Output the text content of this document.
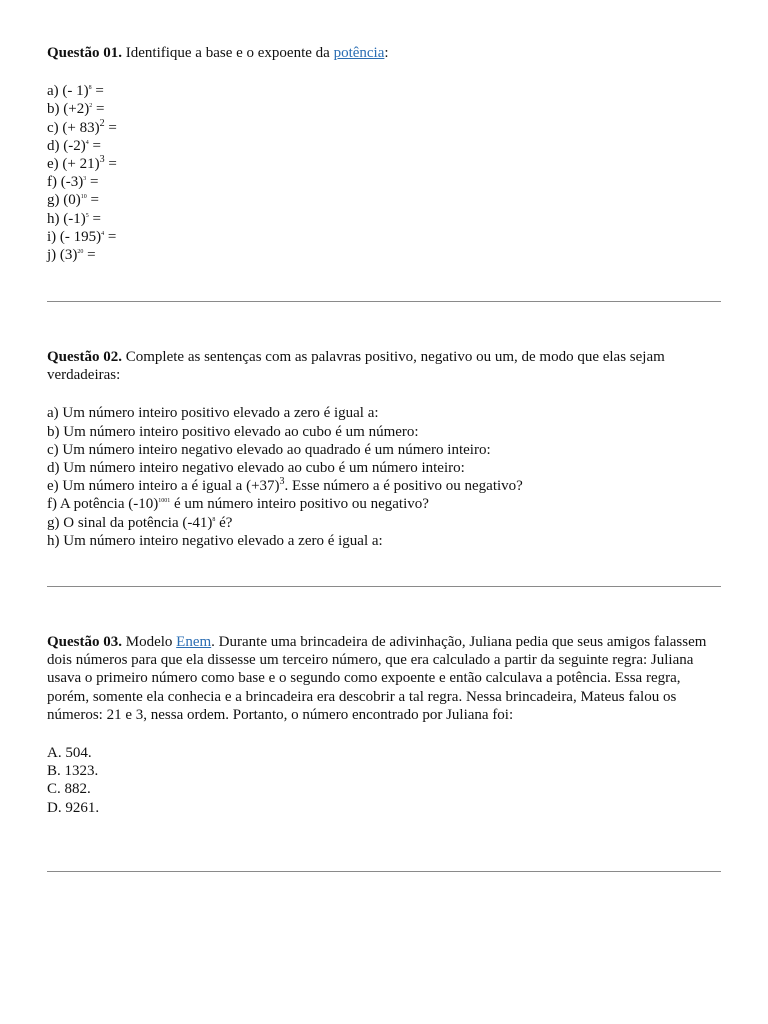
Questão 01. Identifique a base e o expoente da potência:

a) (- 1)$^8$ =
b) $(+2)^2$ =
c) (+ 83)$^2$ =
d) $(-2)^4$ =
e) (+ 21)$^3$ =
f) $(-3)^3$ =
g) $(0)^{10}$ =
h) $(-1)^5$ =
i) (- 195)$^4$ =
j) $(3)^{20}$ =

Questão 02. Complete as sentenças com as palavras positivo, negativo ou um, de modo que elas sejam verdadeiras:

a) Um número inteiro positivo elevado a zero é igual a:
b) Um número inteiro positivo elevado ao cubo é um número:
c) Um número inteiro negativo elevado ao quadrado é um número inteiro:
d) Um número inteiro negativo elevado ao cubo é um número inteiro:
e) Um número inteiro a é igual a $(+37)^3$. Esse número a é positivo ou negativo?
f) A potência $(-10)^{1001}$ é um número inteiro positivo ou negativo?
g) O sinal da potência $(-41)^8$ é?
h) Um número inteiro negativo elevado a zero é igual a:

Questão 03. Modelo Enem. Durante uma brincadeira de adivinhação, Juliana pedia que seus amigos falassem dois números para que ela dissesse um terceiro número, que era calculado a partir da seguinte regra: Juliana usava o primeiro número como base e o segundo como expoente e então calculava a potência. Essa regra, porém, somente ela conhecia e a brincadeira era descobrir a tal regra. Nessa brincadeira, Mateus falou os números: 21 e 3, nessa ordem. Portanto, o número encontrado por Juliana foi:

A. 504.
B. 1323.
C. 882.
D. 9261.
